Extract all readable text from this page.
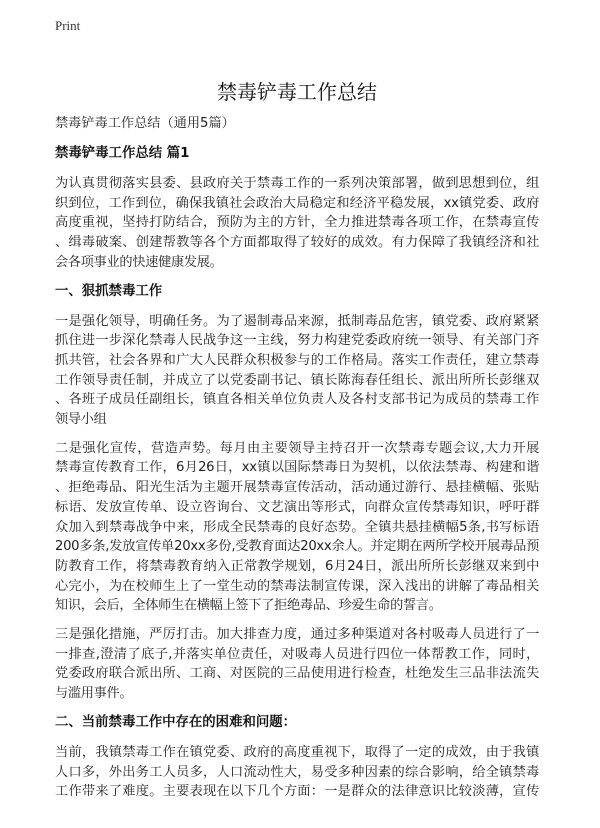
Print
禁毒铲毒工作总结
禁毒铲毒工作总结（通用5篇）
禁毒铲毒工作总结 篇1
为认真贯彻落实县委、县政府关于禁毒工作的一系列决策部署，做到思想到位，组
织到位，工作到位，确保我镇社会政治大局稳定和经济平稳发展，xx镇党委、政府
高度重视，坚持打防结合，预防为主的方针，全力推进禁毒各项工作，在禁毒宣传
、缉毒破案、创建帮教等各个方面都取得了较好的成效。有力保障了我镇经济和社
会各项事业的快速健康发展。
一、狠抓禁毒工作
一是强化领导，明确任务。为了遏制毒品来源，抵制毒品危害，镇党委、政府紧紧
抓住进一步深化禁毒人民战争这一主线，努力构建党委政府统一领导、有关部门齐
抓共管，社会各界和广大人民群众积极参与的工作格局。落实工作责任，建立禁毒
工作领导责任制，并成立了以党委副书记、镇长陈海春任组长、派出所所长彭继双
、各班子成员任副组长，镇直各相关单位负责人及各村支部书记为成员的禁毒工作
领导小组
二是强化宣传，营造声势。每月由主要领导主持召开一次禁毒专题会议,大力开展
禁毒宣传教育工作，6月26日，xx镇以国际禁毒日为契机，以依法禁毒、构建和谐
、拒绝毒品、阳光生活为主题开展禁毒宣传活动，活动通过游行、悬挂横幅、张贴
标语、发放宣传单、设立咨询台、文艺演出等形式，向群众宣传禁毒知识，呼吁群
众加入到禁毒战争中来，形成全民禁毒的良好态势。全镇共悬挂横幅5条,书写标语
200多条,发放宣传单20xx多份,受教育面达20xx余人。并定期在两所学校开展毒品预
防教育工作，将禁毒教育纳入正常教学规划，6月24日，派出所所长彭继双来到中
心完小，为在校师生上了一堂生动的禁毒法制宣传课，深入浅出的讲解了毒品相关
知识，会后，全体师生在横幅上签下了拒绝毒品、珍爱生命的誓言。
三是强化措施，严厉打击。加大排查力度，通过多种渠道对各村吸毒人员进行了一
一排查,澄清了底子,并落实单位责任，对吸毒人员进行四位一体帮教工作，同时，
党委政府联合派出所、工商、对医院的三品使用进行检查，杜绝发生三品非法流失
与滥用事件。
二、当前禁毒工作中存在的困难和问题：
当前，我镇禁毒工作在镇党委、政府的高度重视下，取得了一定的成效，由于我镇
人口多，外出务工人员多，人口流动性大，易受多种因素的综合影响，给全镇禁毒
工作带来了难度。主要表现在以下几个方面：一是群众的法律意识比较淡薄，宣传
